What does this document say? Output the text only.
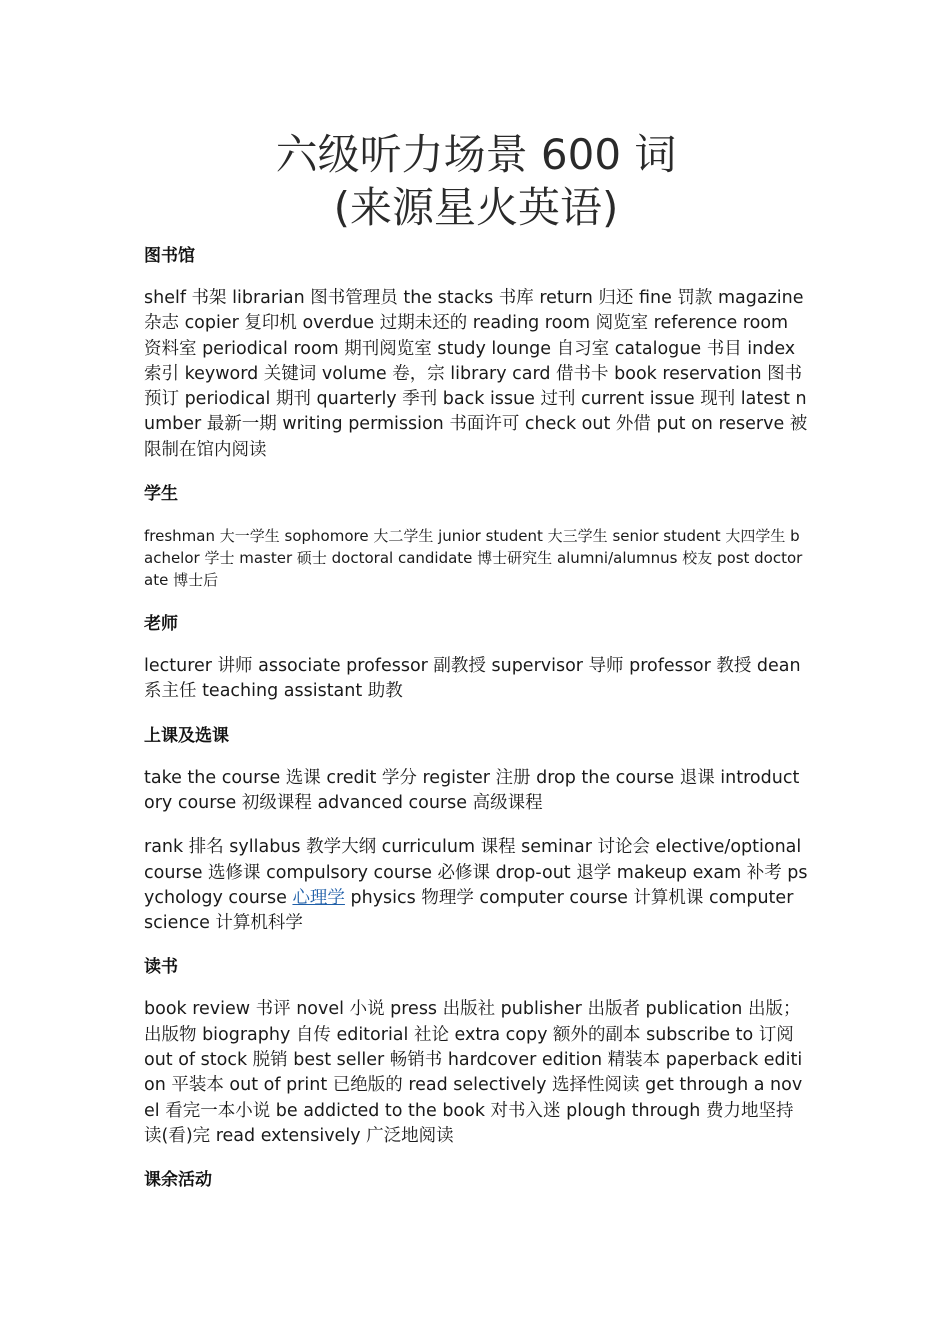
六级听力场景 600 词
(来源星火英语)
图书馆

shelf 书架 librarian 图书管理员 the stacks 书库 return 归还 fine 罚款 magazine 杂志 copier 复印机 overdue 过期未还的 reading room 阅览室 reference room 资料室 periodical room 期刊阅览室 study lounge 自习室 catalogue 书目 index 索引 keyword 关键词 volume 卷，宗 library card 借书卡 book reservation 图书预订 periodical 期刊 quarterly 季刊 back issue 过刊 current issue 现刊 latest number 最新一期 writing permission 书面许可 check out 外借 put on reserve 被限制在馆内阅读

学生

freshman 大一学生 sophomore 大二学生 junior student 大三学生 senior student 大四学生 bachelor 学士 master 硕士 doctoral candidate 博士研究生 alumni/alumnus 校友 post doctorate 博士后

老师

lecturer 讲师 associate professor 副教授 supervisor 导师 professor 教授 dean 系主任 teaching assistant 助教

上课及选课

take the course 选课 credit 学分 register 注册 drop the course 退课 introductory course 初级课程 advanced course 高级课程

rank 排名 syllabus 教学大纲 curriculum 课程 seminar 讨论会 elective/optional course 选修课 compulsory course 必修课 drop-out 退学 makeup exam 补考 psychology course 心理学 physics 物理学 computer course 计算机课 computer science 计算机科学

读书

book review 书评 novel 小说 press 出版社 publisher 出版者 publication 出版；出版物 biography 自传 editorial 社论 extra copy 额外的副本 subscribe to 订阅 out of stock 脱销 best seller 畅销书 hardcover edition 精装本 paperback edition 平装本 out of print 已绝版的 read selectively 选择性阅读 get through a novel 看完一本小说 be addicted to the book 对书入迷 plough through 费力地坚持读(看)完 read extensively 广泛地阅读

课余活动
